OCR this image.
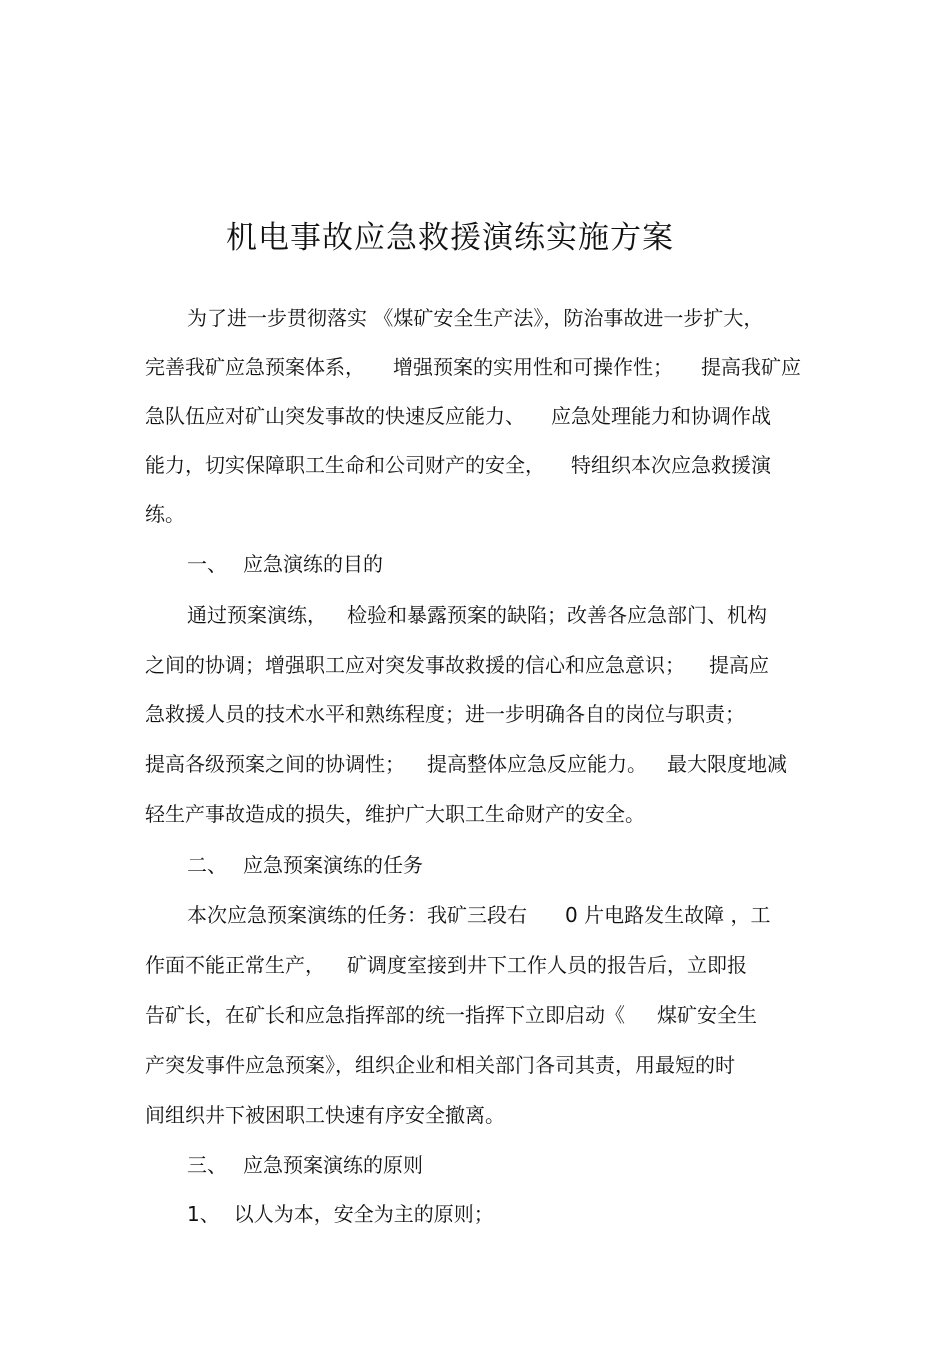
机电事故应急救援演练实施方案
为了进一步贯彻落实 《煤矿安全生产法》，防治事故进一步扩大，
完善我矿应急预案体系， 增强预案的实用性和可操作性； 提高我矿应
急队伍应对矿山突发事故的快速反应能力、 应急处理能力和协调作战
能力，切实保障职工生命和公司财产的安全， 特组织本次应急救援演
练。
一、 应急演练的目的
通过预案演练， 检验和暴露预案的缺陷；改善各应急部门、机构
之间的协调；增强职工应对突发事故救援的信心和应急意识； 提高应
急救援人员的技术水平和熟练程度；进一步明确各自的岗位与职责；
提高各级预案之间的协调性； 提高整体应急反应能力。 最大限度地减
轻生产事故造成的损失，维护广大职工生命财产的安全。
二、 应急预案演练的任务
本次应急预案演练的任务：我矿三段右 0 片电路发生故障 ，工
作面不能正常生产， 矿调度室接到井下工作人员的报告后，立即报
告矿长，在矿长和应急指挥部的统一指挥下立即启动《 煤矿安全生
产突发事件应急预案》，组织企业和相关部门各司其责，用最短的时
间组织井下被困职工快速有序安全撤离。
三、 应急预案演练的原则
1、 以人为本，安全为主的原则；
